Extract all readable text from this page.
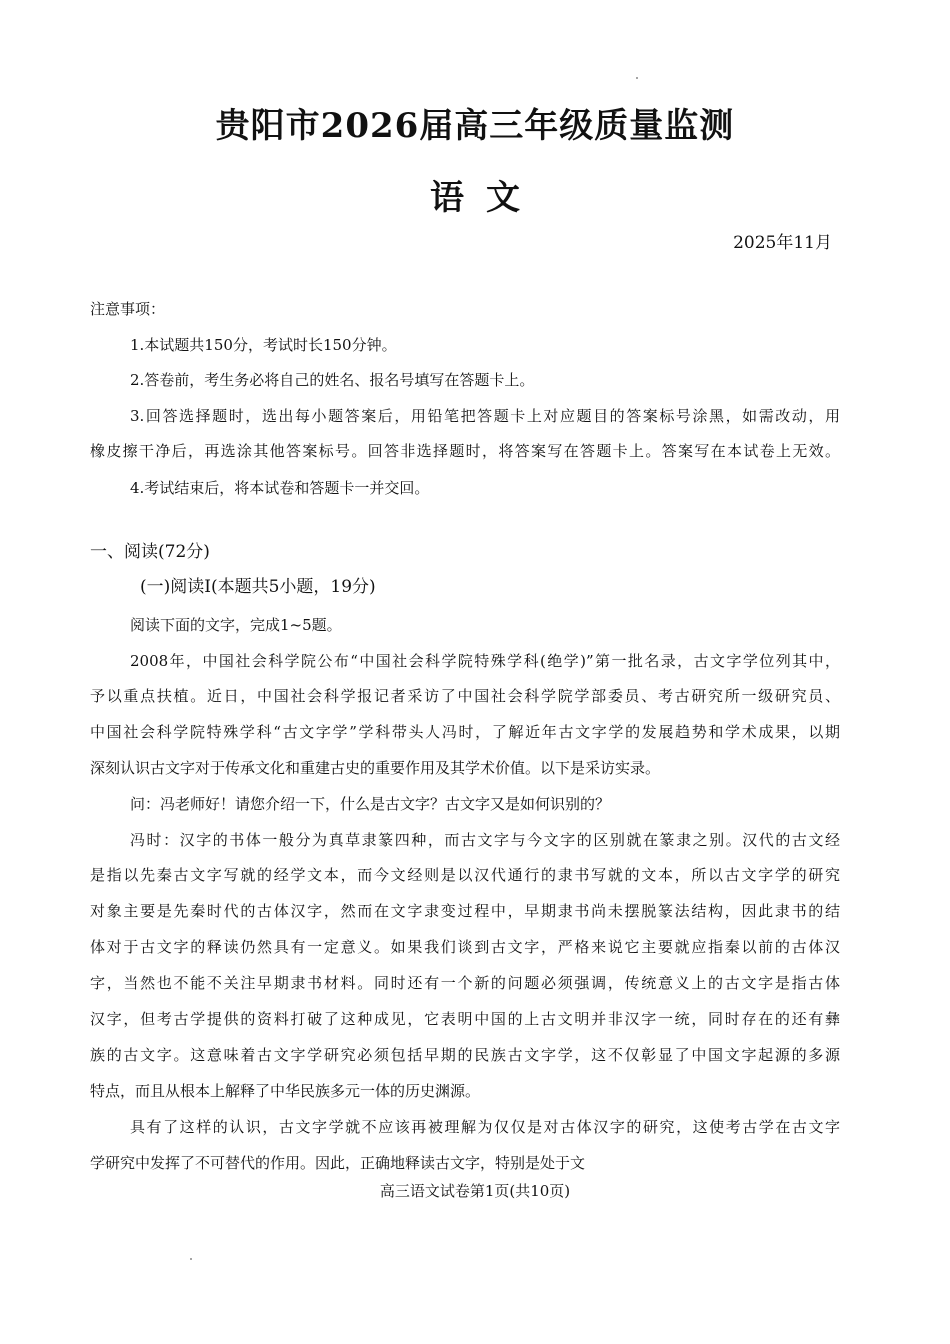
贵阳市2026届高三年级质量监测
语文
2025年11月
注意事项：
1.本试题共150分，考试时长150分钟。
2.答卷前，考生务必将自己的姓名、报名号填写在答题卡上。
3.回答选择题时，选出每小题答案后，用铅笔把答题卡上对应题目的答案标号涂黑，如需改动，用
橡皮擦干净后，再选涂其他答案标号。回答非选择题时，将答案写在答题卡上。答案写在本试卷上无效。
4.考试结束后，将本试卷和答题卡一并交回。
一、阅读(72分)
(一)阅读Ⅰ(本题共5小题，19分)
阅读下面的文字，完成1~5题。
2008年，中国社会科学院公布“中国社会科学院特殊学科(绝学)”第一批名录，古文字学位列其中，
予以重点扶植。近日，中国社会科学报记者采访了中国社会科学院学部委员、考古研究所一级研究员、
中国社会科学院特殊学科“古文字学”学科带头人冯时，了解近年古文字学的发展趋势和学术成果，以期
深刻认识古文字对于传承文化和重建古史的重要作用及其学术价值。以下是采访实录。
问：冯老师好！请您介绍一下，什么是古文字？古文字又是如何识别的？
冯时：汉字的书体一般分为真草隶篆四种，而古文字与今文字的区别就在篆隶之别。汉代的古文经
是指以先秦古文字写就的经学文本，而今文经则是以汉代通行的隶书写就的文本，所以古文字学的研究
对象主要是先秦时代的古体汉字，然而在文字隶变过程中，早期隶书尚未摆脱篆法结构，因此隶书的结
体对于古文字的释读仍然具有一定意义。如果我们谈到古文字，严格来说它主要就应指秦以前的古体汉
字，当然也不能不关注早期隶书材料。同时还有一个新的问题必须强调，传统意义上的古文字是指古体
汉字，但考古学提供的资料打破了这种成见，它表明中国的上古文明并非汉字一统，同时存在的还有彝
族的古文字。这意味着古文字学研究必须包括早期的民族古文字学，这不仅彰显了中国文字起源的多源
特点，而且从根本上解释了中华民族多元一体的历史渊源。
具有了这样的认识，古文字学就不应该再被理解为仅仅是对古体汉字的研究，这使考古学在古文字
学研究中发挥了不可替代的作用。因此，正确地释读古文字，特别是处于文
高三语文试卷第1页(共10页)
